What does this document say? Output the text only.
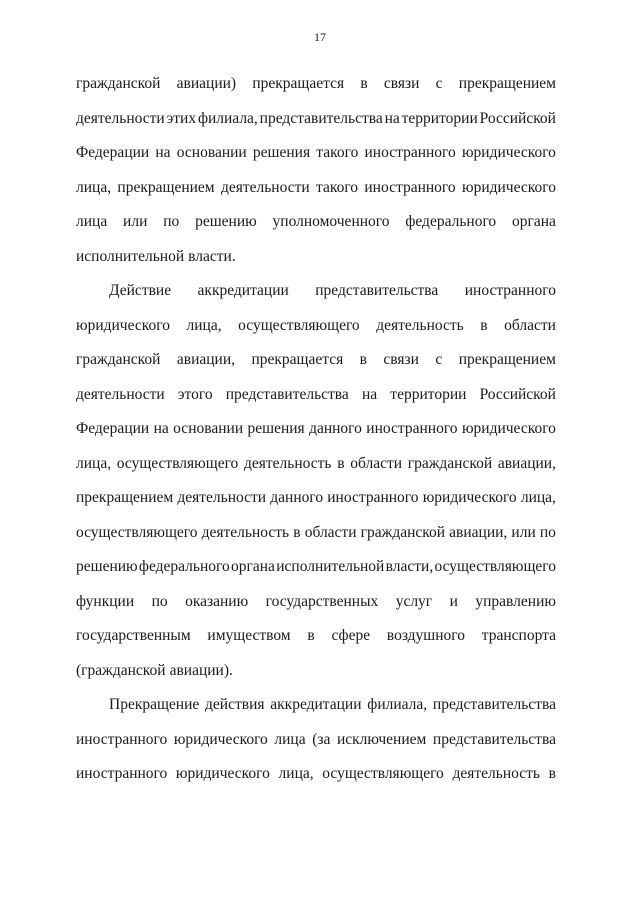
17
гражданской авиации) прекращается в связи с прекращением
деятельности этих филиала, представительства на территории Российской
Федерации на основании решения такого иностранного юридического
лица, прекращением деятельности такого иностранного юридического
лица или по решению уполномоченного федерального органа
исполнительной власти.
Действие аккредитации представительства иностранного
юридического лица, осуществляющего деятельность в области
гражданской авиации, прекращается в связи с прекращением
деятельности этого представительства на территории Российской
Федерации на основании решения данного иностранного юридического
лица, осуществляющего деятельность в области гражданской авиации,
прекращением деятельности данного иностранного юридического лица,
осуществляющего деятельность в области гражданской авиации, или по
решению федерального органа исполнительной власти, осуществляющего
функции по оказанию государственных услуг и управлению
государственным имуществом в сфере воздушного транспорта
(гражданской авиации).
Прекращение действия аккредитации филиала, представительства
иностранного юридического лица (за исключением представительства
иностранного юридического лица, осуществляющего деятельность в
